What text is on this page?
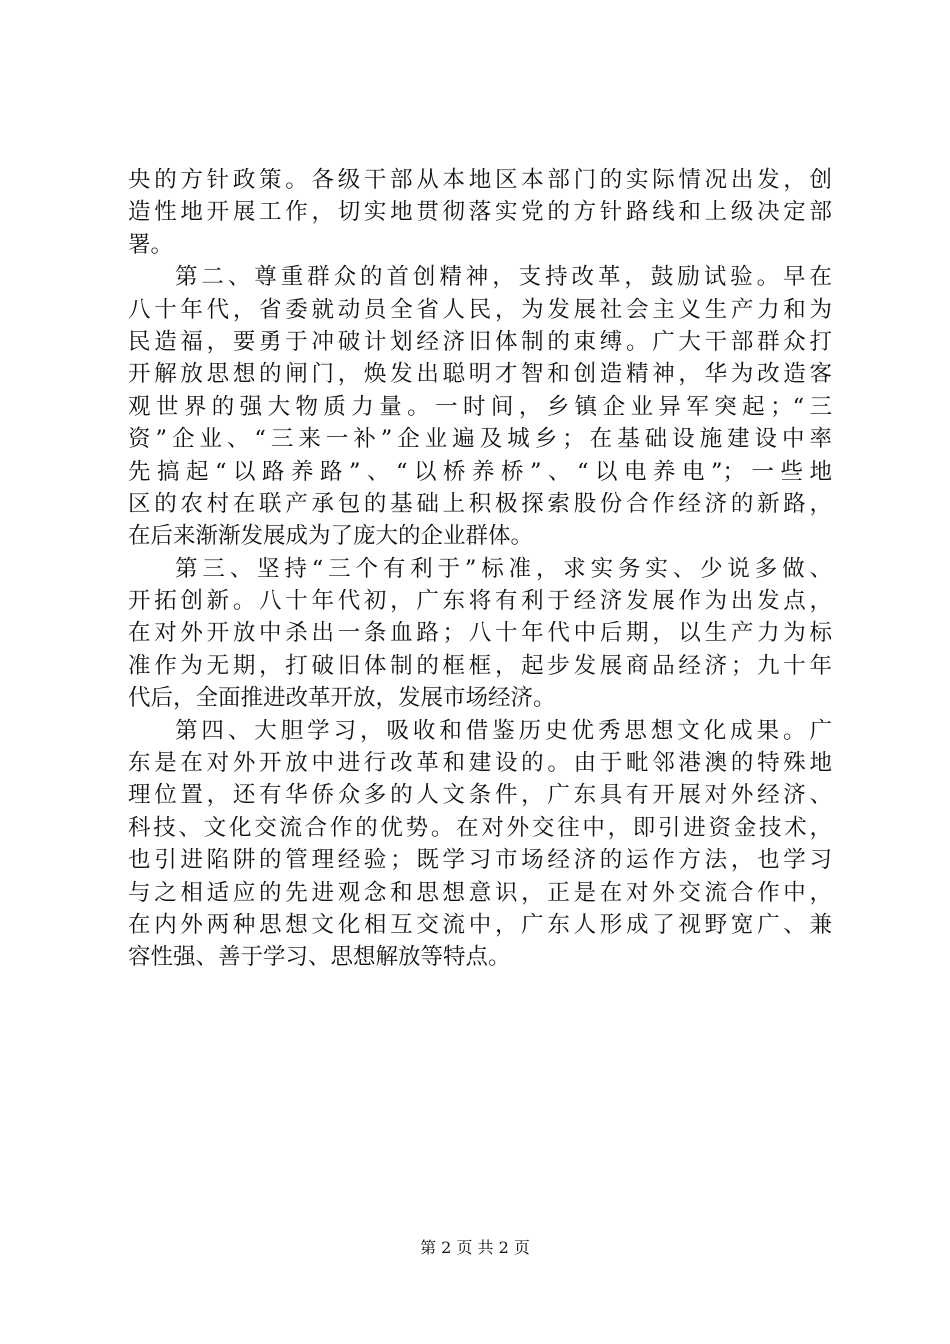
央的方针政策。各级干部从本地区本部门的实际情况出发，创
造性地开展工作，切实地贯彻落实党的方针路线和上级决定部
署。
第二、尊重群众的首创精神，支持改革，鼓励试验。早在
八十年代，省委就动员全省人民，为发展社会主义生产力和为
民造福，要勇于冲破计划经济旧体制的束缚。广大干部群众打
开解放思想的闸门，焕发出聪明才智和创造精神，华为改造客
观世界的强大物质力量。一时间，乡镇企业异军突起；“三
资”企业、“三来一补”企业遍及城乡；在基础设施建设中率
先搞起“以路养路”、“以桥养桥”、“以电养电”；一些地
区的农村在联产承包的基础上积极探索股份合作经济的新路，
在后来渐渐发展成为了庞大的企业群体。
第三、坚持“三个有利于”标准，求实务实、少说多做、
开拓创新。八十年代初，广东将有利于经济发展作为出发点，
在对外开放中杀出一条血路；八十年代中后期，以生产力为标
准作为无期，打破旧体制的框框，起步发展商品经济；九十年
代后，全面推进改革开放，发展市场经济。
第四、大胆学习，吸收和借鉴历史优秀思想文化成果。广
东是在对外开放中进行改革和建设的。由于毗邻港澳的特殊地
理位置，还有华侨众多的人文条件，广东具有开展对外经济、
科技、文化交流合作的优势。在对外交往中，即引进资金技术，
也引进陷阱的管理经验；既学习市场经济的运作方法，也学习
与之相适应的先进观念和思想意识，正是在对外交流合作中，
在内外两种思想文化相互交流中，广东人形成了视野宽广、兼
容性强、善于学习、思想解放等特点。
第 2 页 共 2 页
